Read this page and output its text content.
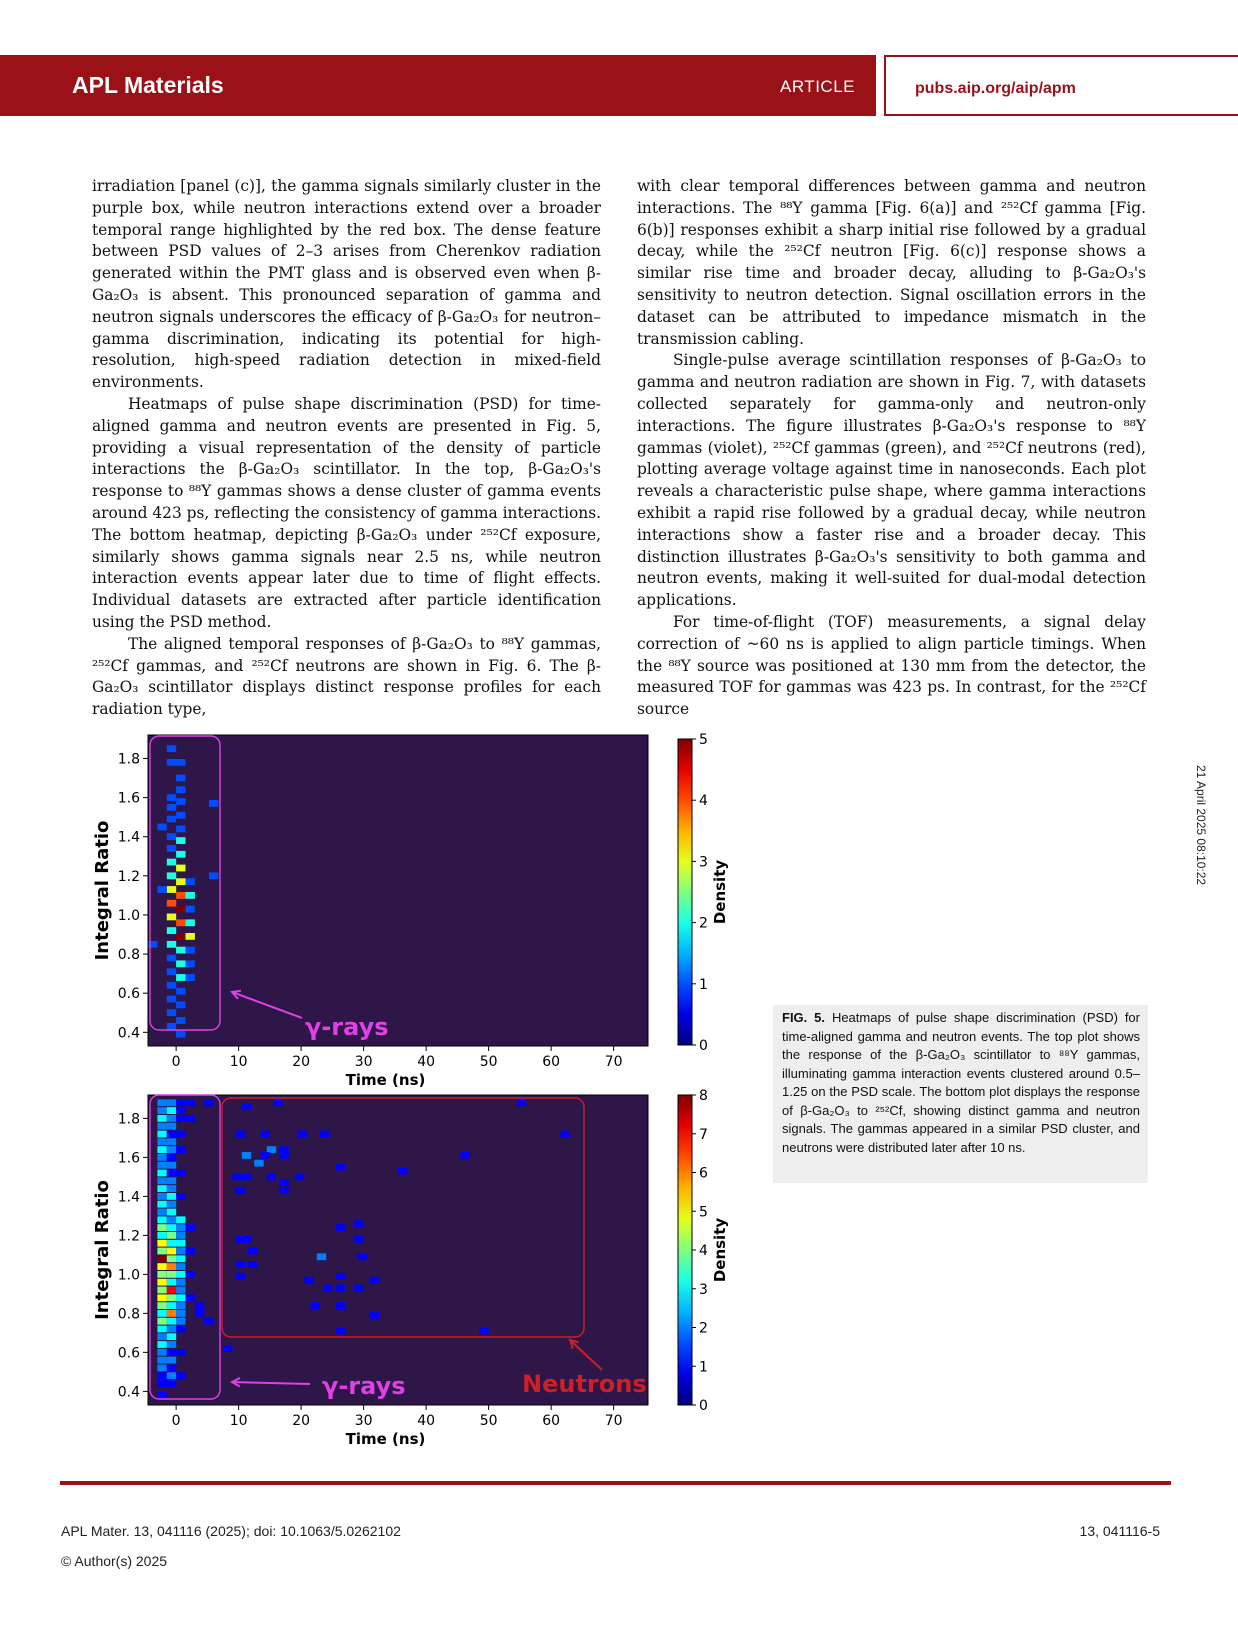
APL Materials	ARTICLE	pubs.aip.org/aip/apm

irradiation [panel (c)], the gamma signals similarly cluster in the purple box, while neutron interactions extend over a broader temporal range highlighted by the red box. The dense feature between PSD values of 2–3 arises from Cherenkov radiation generated within the PMT glass and is observed even when β-Ga₂O₃ is absent. This pronounced separation of gamma and neutron signals underscores the efficacy of β-Ga₂O₃ for neutron–gamma discrimination, indicating its potential for high-resolution, high-speed radiation detection in mixed-field environments.

Heatmaps of pulse shape discrimination (PSD) for time-aligned gamma and neutron events are presented in Fig. 5, providing a visual representation of the density of particle interactions the β-Ga₂O₃ scintillator. In the top, β-Ga₂O₃'s response to ⁸⁸Y gammas shows a dense cluster of gamma events around 423 ps, reflecting the consistency of gamma interactions. The bottom heatmap, depicting β-Ga₂O₃ under ²⁵²Cf exposure, similarly shows gamma signals near 2.5 ns, while neutron interaction events appear later due to time of flight effects. Individual datasets are extracted after particle identification using the PSD method.

The aligned temporal responses of β-Ga₂O₃ to ⁸⁸Y gammas, ²⁵²Cf gammas, and ²⁵²Cf neutrons are shown in Fig. 6. The β-Ga₂O₃ scintillator displays distinct response profiles for each radiation type,

with clear temporal differences between gamma and neutron interactions. The ⁸⁸Y gamma [Fig. 6(a)] and ²⁵²Cf gamma [Fig. 6(b)] responses exhibit a sharp initial rise followed by a gradual decay, while the ²⁵²Cf neutron [Fig. 6(c)] response shows a similar rise time and broader decay, alluding to β-Ga₂O₃'s sensitivity to neutron detection. Signal oscillation errors in the dataset can be attributed to impedance mismatch in the transmission cabling.

Single-pulse average scintillation responses of β-Ga₂O₃ to gamma and neutron radiation are shown in Fig. 7, with datasets collected separately for gamma-only and neutron-only interactions. The figure illustrates β-Ga₂O₃'s response to ⁸⁸Y gammas (violet), ²⁵²Cf gammas (green), and ²⁵²Cf neutrons (red), plotting average voltage against time in nanoseconds. Each plot reveals a characteristic pulse shape, where gamma interactions exhibit a rapid rise followed by a gradual decay, while neutron interactions show a faster rise and a broader decay. This distinction illustrates β-Ga₂O₃'s sensitivity to both gamma and neutron events, making it well-suited for dual-modal detection applications.

For time-of-flight (TOF) measurements, a signal delay correction of ~60 ns is applied to align particle timings. When the ⁸⁸Y source was positioned at 130 mm from the detector, the measured TOF for gammas was 423 ps. In contrast, for the ²⁵²Cf source

21 April 2025 08:10:22
0	10	20	30	40	50	60	70
0.4
0.6
0.8
1.0
1.2
1.4
1.6
1.8
Time (ns)
Integral Ratio
0
1
2
3
4
5
Density
γ-rays
0	10	20	30	40	50	60	70
0.4
0.6
0.8
1.0
1.2
1.4
1.6
1.8
Time (ns)
Integral Ratio
0
1
2
3
4
5
6
7
8
Density
γ-rays	Neutrons
FIG. 5. Heatmaps of pulse shape discrimination (PSD) for time-aligned gamma and neutron events. The top plot shows the response of the β-Ga₂O₃ scintillator to ⁸⁸Y gammas, illuminating gamma interaction events clustered around 0.5–1.25 on the PSD scale. The bottom plot displays the response of β-Ga₂O₃ to ²⁵²Cf, showing distinct gamma and neutron signals. The gammas appeared in a similar PSD cluster, and neutrons were distributed later after 10 ns.
APL Mater. 13, 041116 (2025); doi: 10.1063/5.0262102
© Author(s) 2025
13, 041116-5
